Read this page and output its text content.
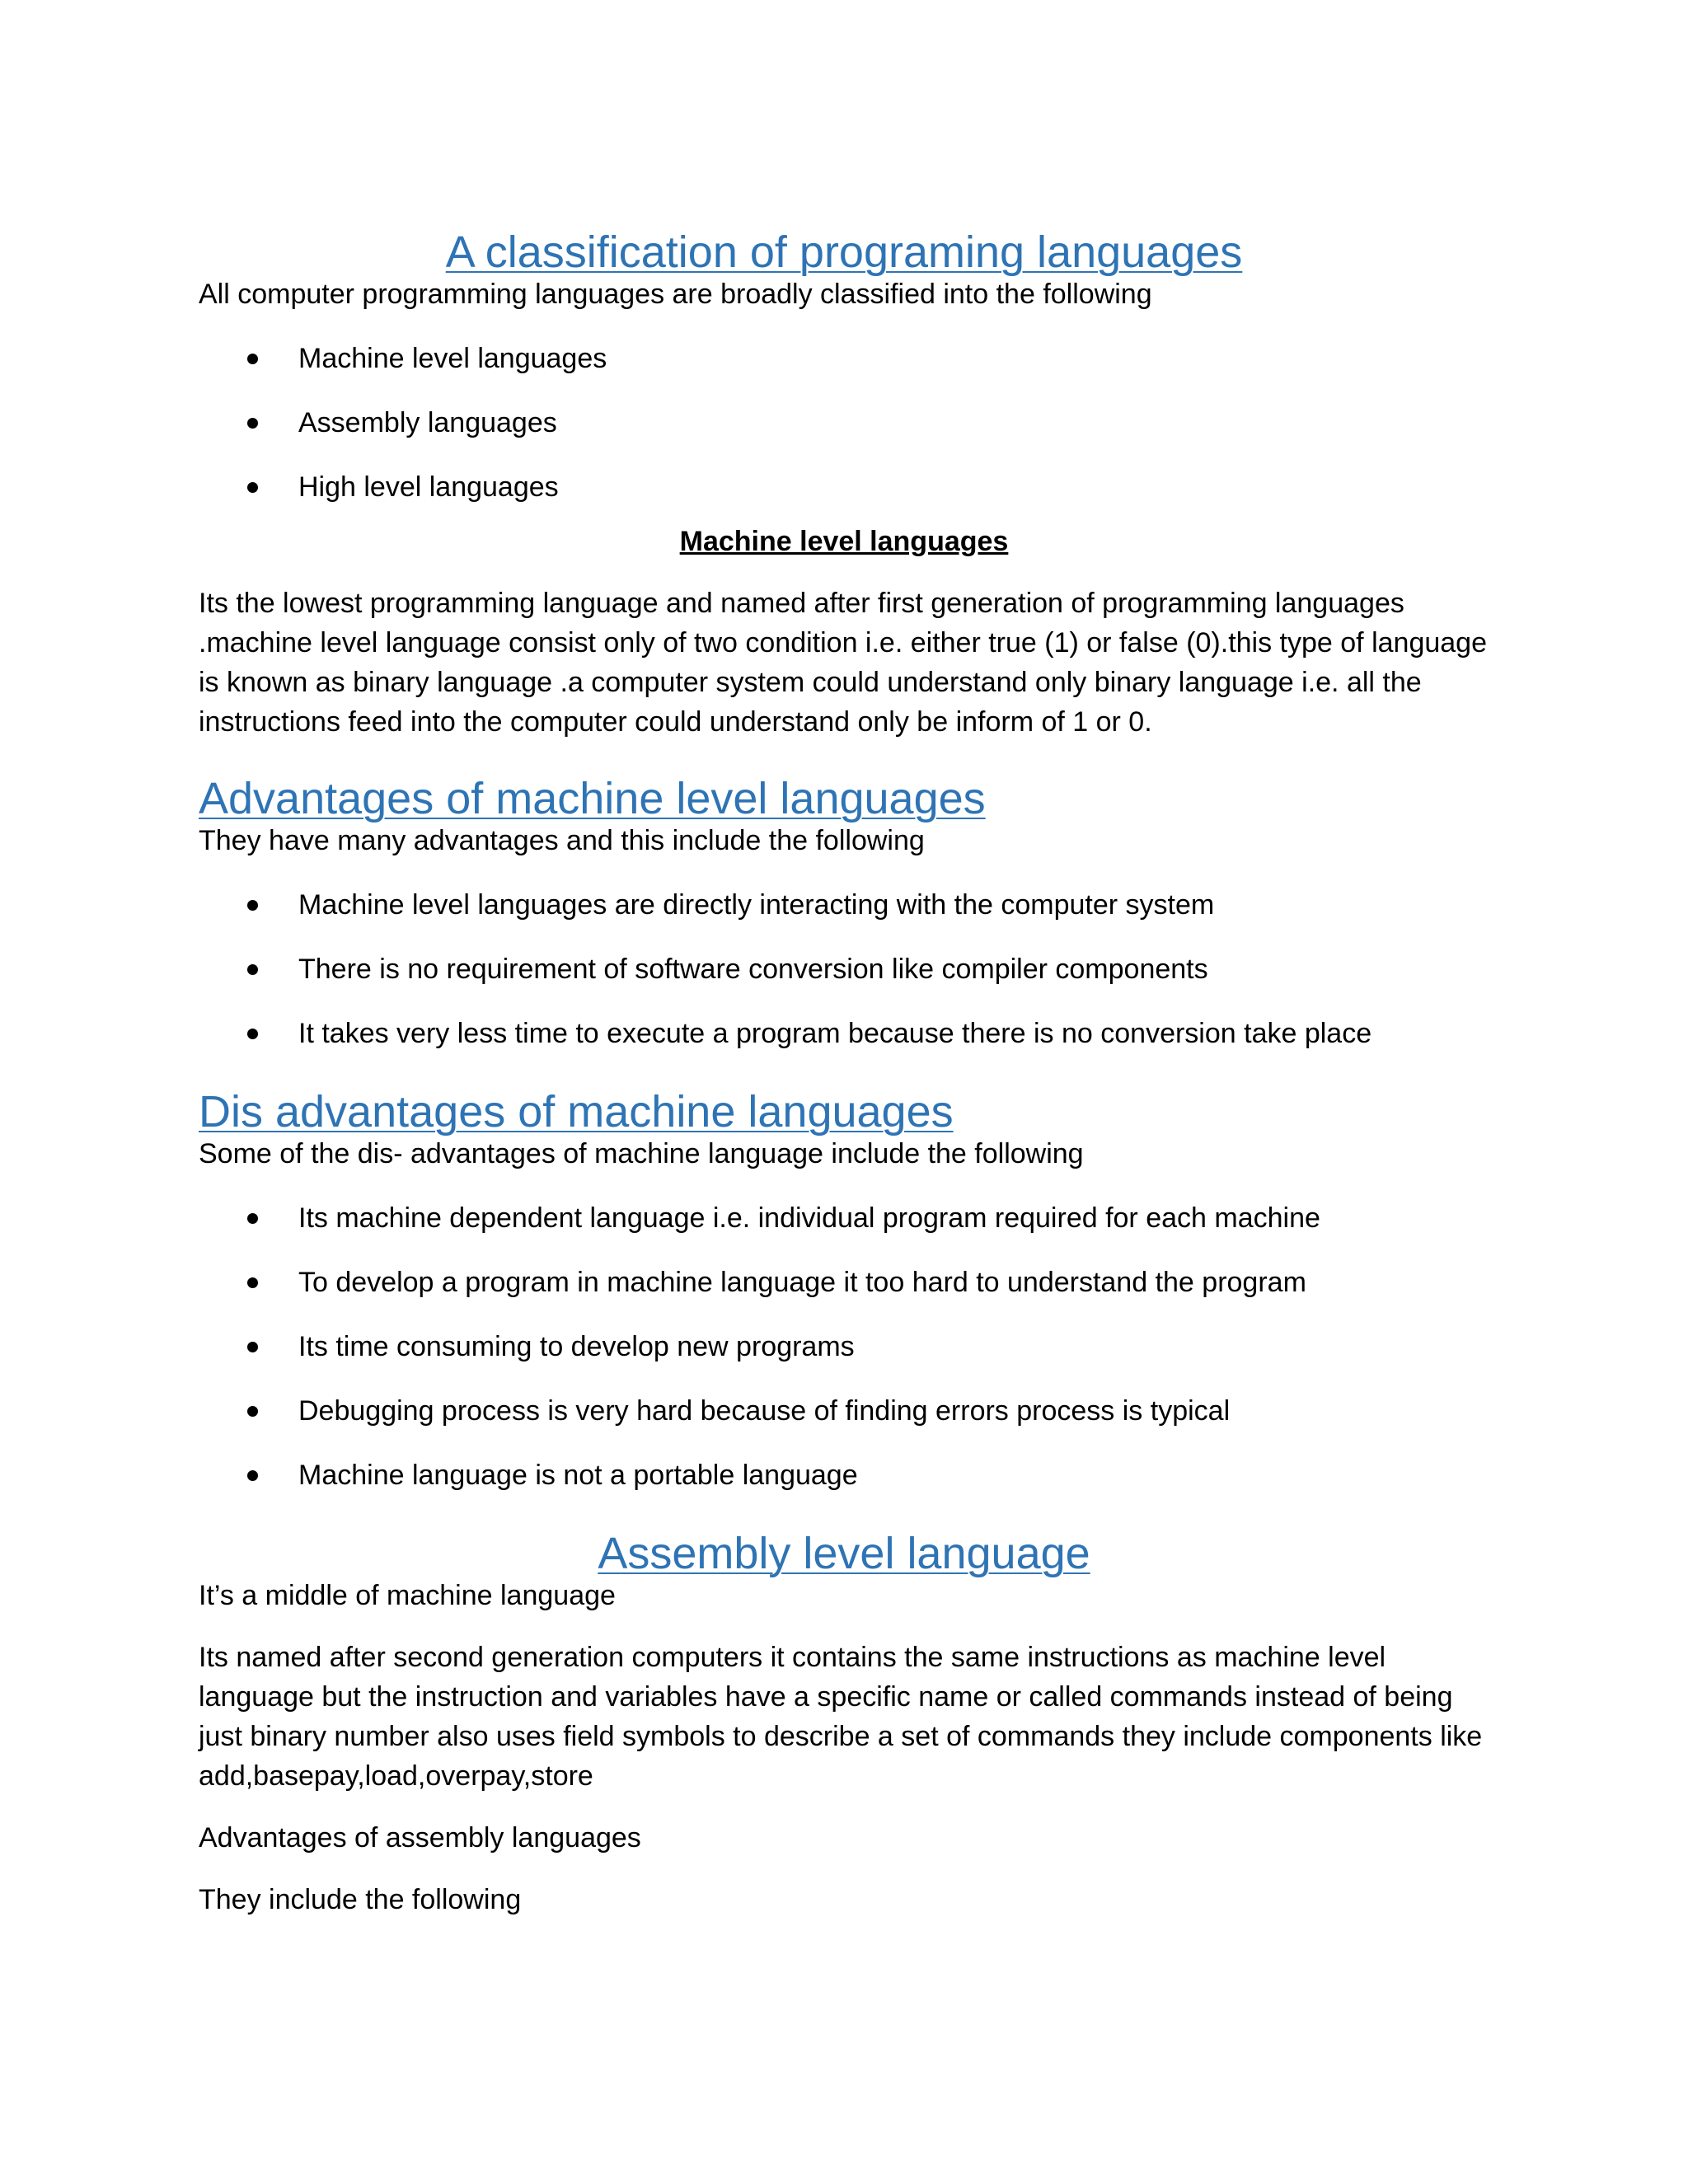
A classification of programing languages

All computer programming languages are broadly classified into the following

Machine level languages
Assembly languages
High level languages
Machine level languages
Its the lowest programming language and named after first generation of programming languages
.machine level language consist only of two condition i.e. either true (1) or false (0).this type of language
is known as binary language .a computer system could understand only binary language i.e. all the
instructions feed into the computer could understand only be inform of 1 or 0.
Advantages of machine level languages

They have many advantages and this include the following

Machine level languages are directly interacting with the computer system
There is no requirement of software conversion like compiler components
It takes very less time to execute a program because there is no conversion take place
Dis advantages of machine languages

Some of the dis- advantages of machine language include the following

Its machine dependent language i.e. individual program required for each machine
To develop a program in machine language it too hard to understand the program
Its time consuming to develop new programs
Debugging process is very hard because of finding errors process is typical
Machine language is not a portable language
Assembly level language

It’s a middle of machine language

Its named after second generation computers it contains the same instructions as machine level
language but the instruction and variables have a specific name or called commands instead of being
just binary number also uses field symbols to describe a set of commands they include components like
add,basepay,load,overpay,store

Advantages of assembly languages

They include the following
